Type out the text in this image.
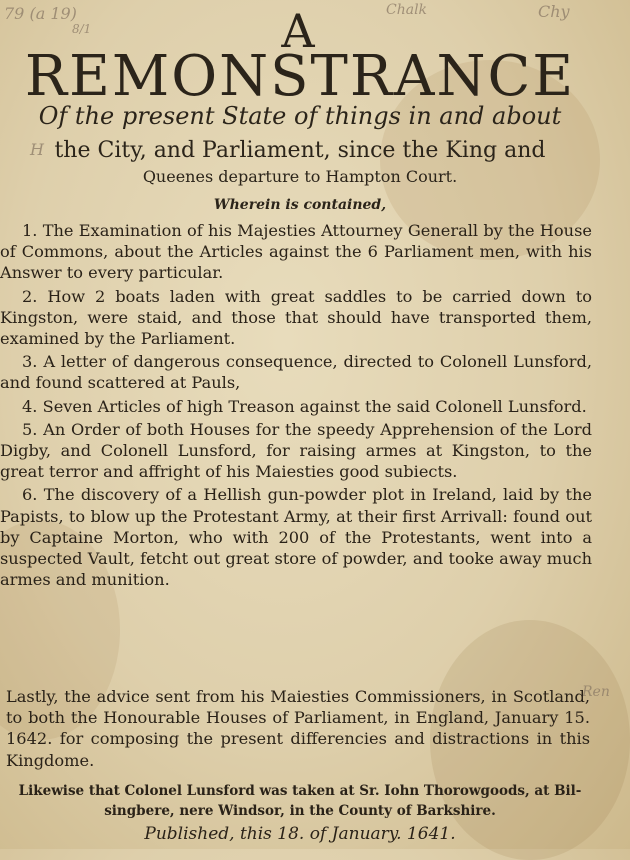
79 (a 19)
8/1
Chalk	Chy
H
Ren
A
REMONSTRANCE
Of the present State of things in and about
the City, and Parliament, since the King and
Queenes departure to Hampton Court.
Wherein is contained,
1. The Examination of his Majesties Attourney Generall by the House of Commons, about the Articles against the 6 Parliament men, with his Answer to every particular.
2. How 2 boats laden with great saddles to be carried down to Kingston, were staid, and those that should have transported them, examined by the Parliament.
3. A letter of dangerous consequence, directed to Colonell Lunsford, and found scattered at Pauls,
4. Seven Articles of high Treason against the said Colonell Lunsford.
5. An Order of both Houses for the speedy Apprehension of the Lord Digby, and Colonell Lunsford, for raising armes at Kingston, to the great terror and affright of his Maiesties good subiects.
6. The discovery of a Hellish gun-powder plot in Ireland, laid by the Papists, to blow up the Protestant Army, at their first Arrivall: found out by Captaine Morton, who with 200 of the Protestants, went into a suspected Vault, fetcht out great store of powder, and tooke away much armes and munition.
Lastly, the advice sent from his Maiesties Commissioners, in Scotland, to both the Honourable Houses of Parliament, in England, January 15. 1642. for composing the present differencies and distractions in this Kingdome.
Likewise that Colonel Lunsford was taken at Sr. Iohn Thorowgoods, at Bil-
singbere, nere Windsor, in the County of Barkshire.
Published, this 18. of January. 1641.
